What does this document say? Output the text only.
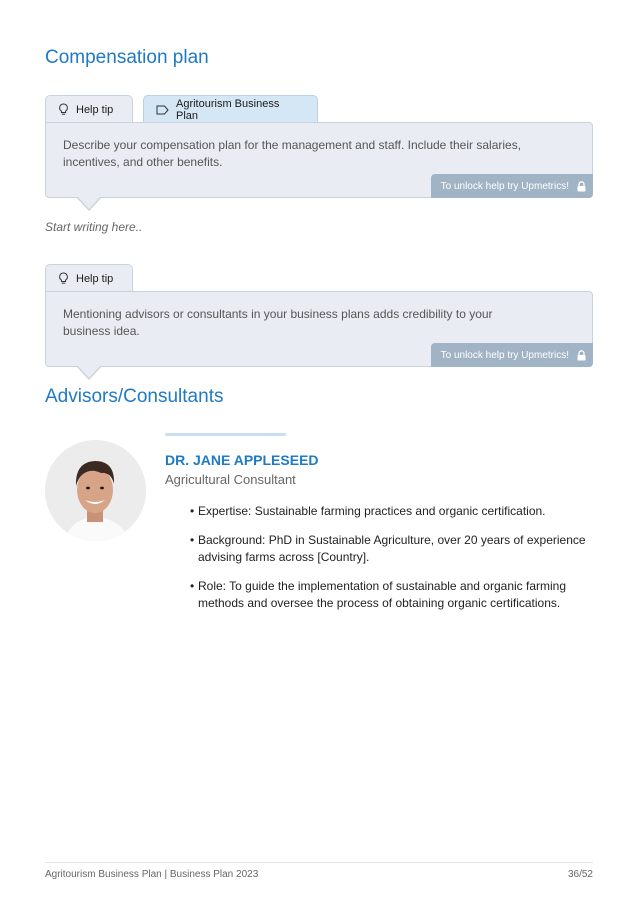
Compensation plan
Help tip	Agritourism Business Plan
Describe your compensation plan for the management and staff. Include their salaries, incentives, and other benefits.
To unlock help try Upmetrics!
Start writing here..
Help tip
Mentioning advisors or consultants in your business plans adds credibility to your business idea.
To unlock help try Upmetrics!
Advisors/Consultants
DR. JANE APPLESEED
Agricultural Consultant
• Expertise: Sustainable farming practices and organic certification.
• Background: PhD in Sustainable Agriculture, over 20 years of experience advising farms across [Country].
• Role: To guide the implementation of sustainable and organic farming methods and oversee the process of obtaining organic certifications.
Agritourism Business Plan | Business Plan 2023	36/52
